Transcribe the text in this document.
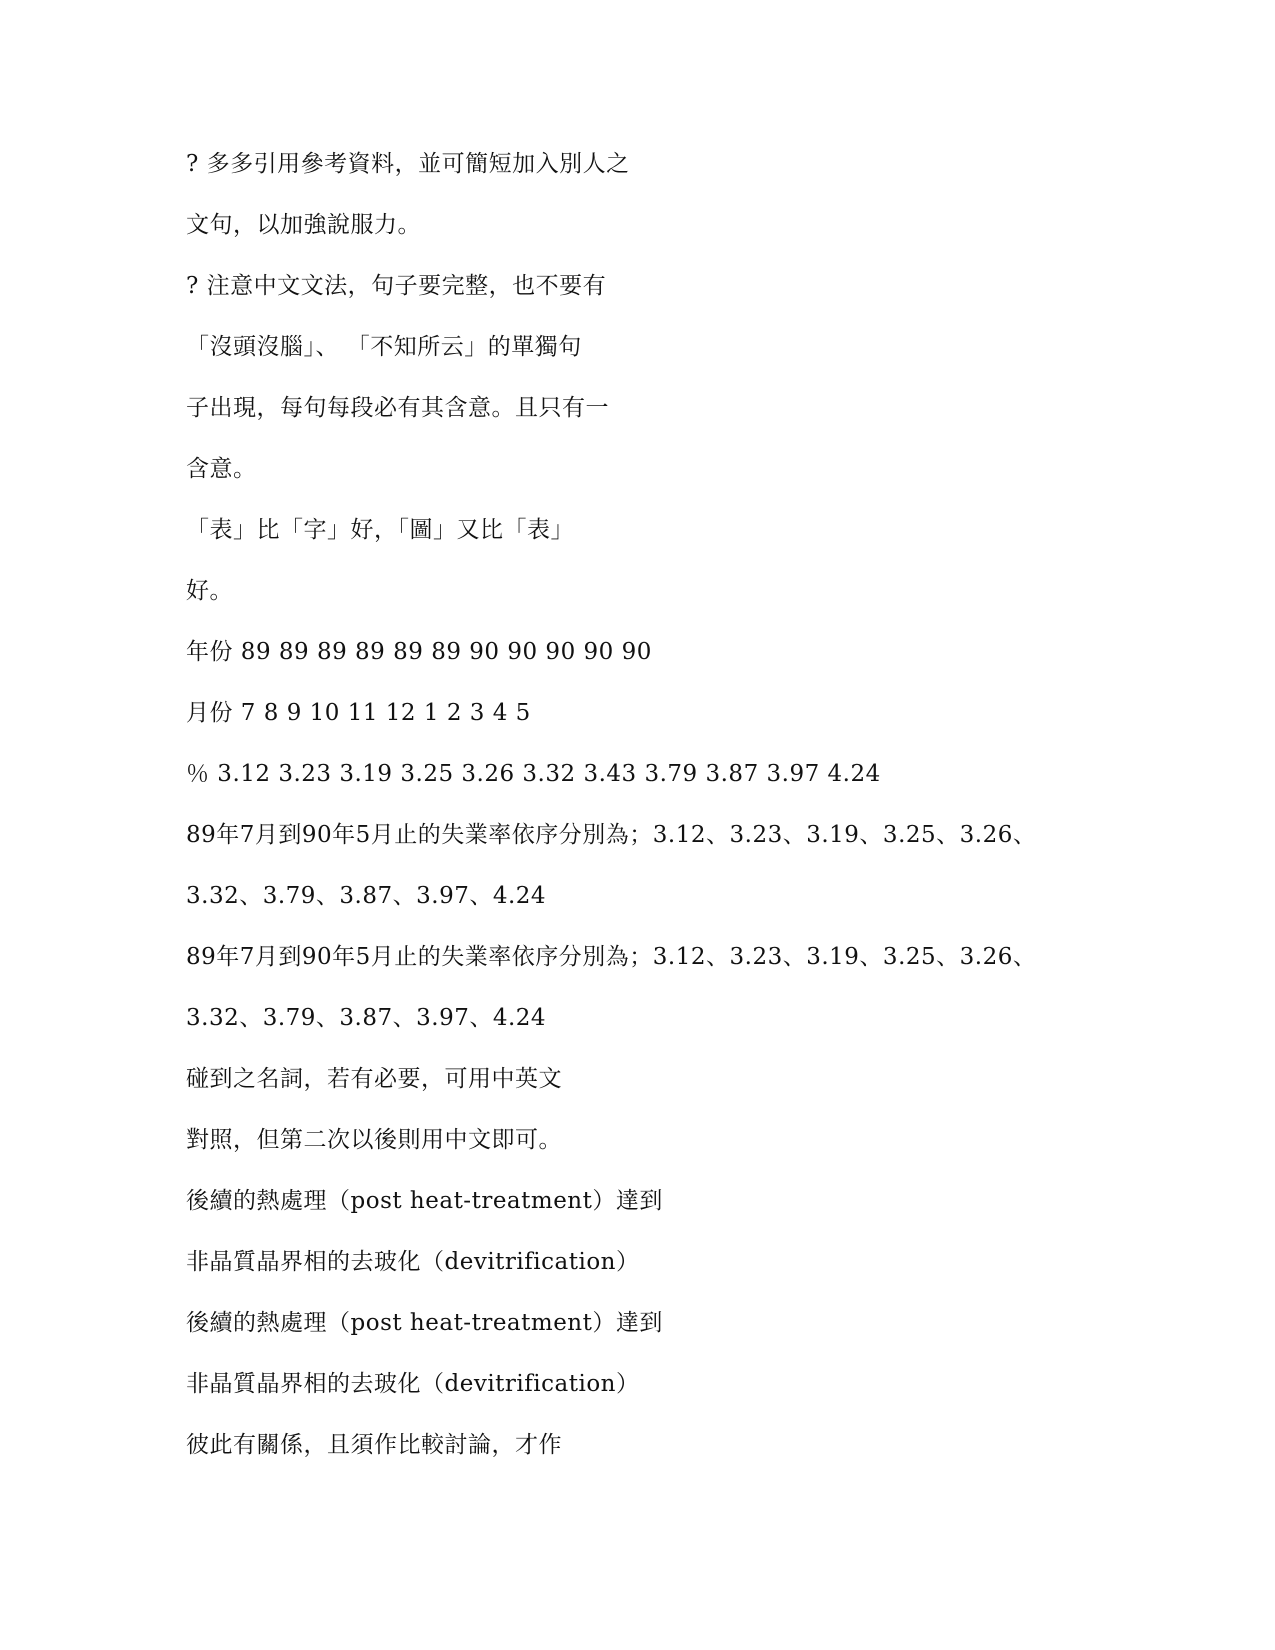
? 多多引用參考資料，並可簡短加入別人之
文句，以加強說服力。
? 注意中文文法，句子要完整，也不要有
「沒頭沒腦」、 「不知所云」的單獨句
子出現，每句每段必有其含意。且只有一
含意。
「表」比「字」好，「圖」又比「表」
好。
年份 89 89 89 89 89 89 90 90 90 90 90
月份 7 8 9 10 11 12 1 2 3 4 5
％ 3.12 3.23 3.19 3.25 3.26 3.32 3.43 3.79 3.87 3.97 4.24
89年7月到90年5月止的失業率依序分別為；3.12、3.23、3.19、3.25、3.26、
3.32、3.79、3.87、3.97、4.24
89年7月到90年5月止的失業率依序分別為；3.12、3.23、3.19、3.25、3.26、
3.32、3.79、3.87、3.97、4.24
碰到之名詞，若有必要，可用中英文
對照，但第二次以後則用中文即可。
後續的熱處理（post heat-treatment）達到
非晶質晶界相的去玻化（devitrification）
後續的熱處理（post heat-treatment）達到
非晶質晶界相的去玻化（devitrification）
彼此有關係，且須作比較討論，才作
